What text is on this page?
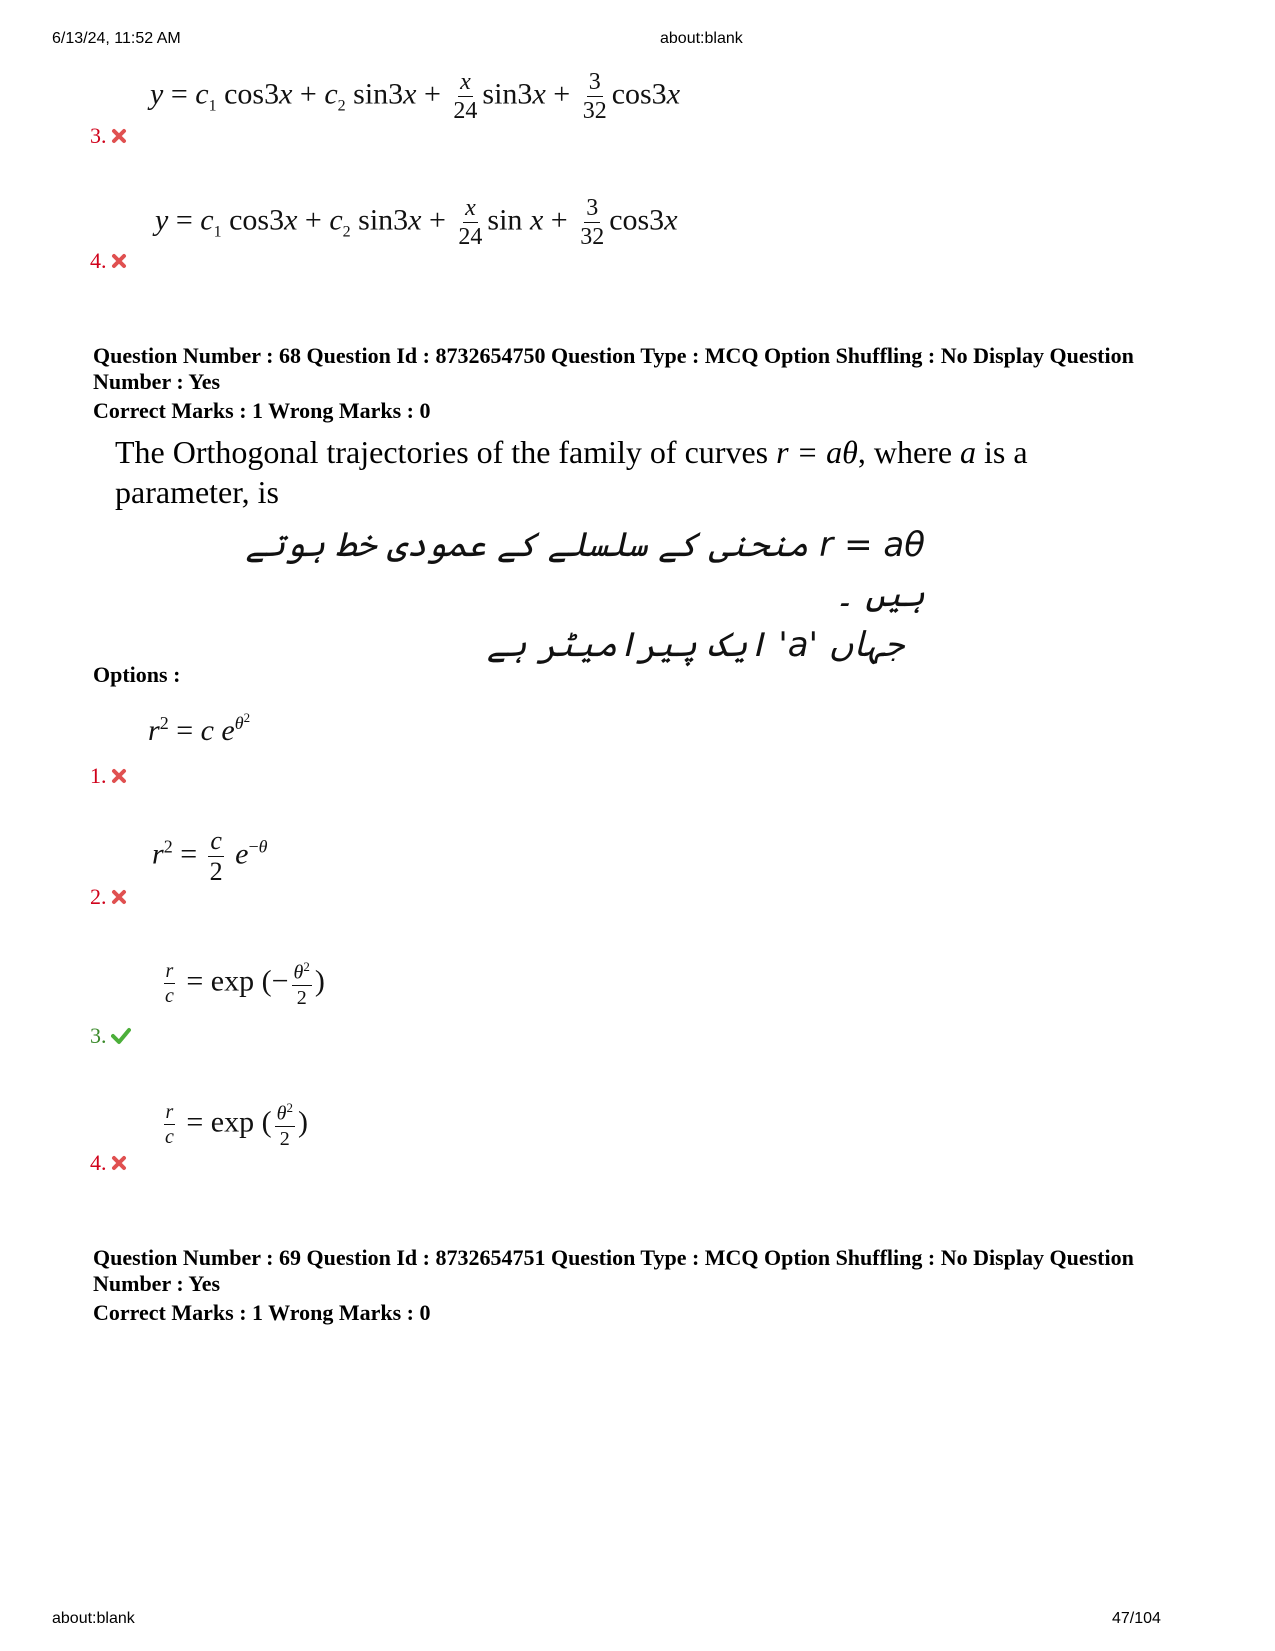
6/13/24, 11:52 AM	about:blank
$y = c_1$ $\cos 3x + c_2$ $\sin 3x + \frac{x}{24} \sin 3x + \frac{3}{32} \cos 3x$
3.
$y = c_1$ $\cos 3x + c_2$ $\sin 3x + \frac{x}{24}$ $\sin x + \frac{3}{32} \cos 3x$
4.
Question Number : 68 Question Id : 8732654750 Question Type : MCQ Option Shuffling : No Display Question Number : Yes
Correct Marks : 1 Wrong Marks : 0
The Orthogonal trajectories of the family of curves r = aθ, where a is a parameter, is
r = aθ منحنی کے سلسلے کے عمودی خط ہوتے ہیں ۔
جہاں 'a' ایک پیرامیٹر ہے
Options :
$r^2 = c$ $e^{\theta^2}$
1.
$r^2 = \frac{c}{2} e^{-\theta}$
2.
$\frac{r}{c} = \exp$ (− $\frac{\theta^2}{2}$ )
3.
$\frac{r}{c} = \exp$ ( $\frac{\theta^2}{2}$ )
4.
Question Number : 69 Question Id : 8732654751 Question Type : MCQ Option Shuffling : No Display Question Number : Yes
Correct Marks : 1 Wrong Marks : 0
about:blank	47/104
